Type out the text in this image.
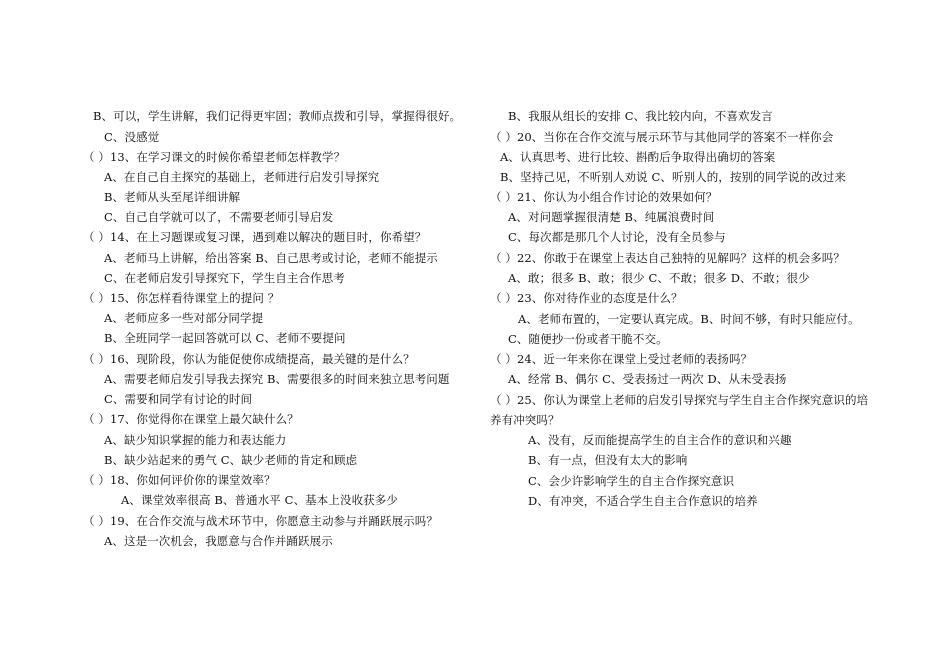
B、可以，学生讲解，我们记得更牢固；教师点拨和引导，掌握得很好。
C、没感觉
（ ）13、在学习课文的时候你希望老师怎样教学？
A、在自己自主探究的基础上，老师进行启发引导探究
B、老师从头至尾详细讲解
C、自己自学就可以了，不需要老师引导启发
（ ）14、在上习题课或复习课，遇到难以解决的题目时，你希望？
A、老师马上讲解，给出答案 B、自己思考或讨论，老师不能提示
C、在老师启发引导探究下，学生自主合作思考
（ ）15、你怎样看待课堂上的提问 ？
A、老师应多一些对部分同学提
B、全班同学一起回答就可以 C、老师不要提问
（ ）16、现阶段，你认为能促使你成绩提高，最关键的是什么？
A、需要老师启发引导我去探究 B、需要很多的时间来独立思考问题
C、需要和同学有讨论的时间
（ ）17、你觉得你在课堂上最欠缺什么？
A、缺少知识掌握的能力和表达能力
B、缺少站起来的勇气 C、缺少老师的肯定和顾虑
（ ）18、你如何评价你的课堂效率？
A、课堂效率很高 B、普通水平 C、基本上没收获多少
（ ）19、在合作交流与战术环节中，你愿意主动参与并踊跃展示吗？
A、这是一次机会，我愿意与合作并踊跃展示
B、我服从组长的安排 C、我比较内向，不喜欢发言
（ ）20、当你在合作交流与展示环节与其他同学的答案不一样你会
A、认真思考、进行比较、斟酌后争取得出确切的答案
B、坚持己见，不听别人劝说 C、听别人的，按别的同学说的改过来
（ ）21、你认为小组合作讨论的效果如何？
A、对问题掌握很清楚 B、纯属浪费时间
C、每次都是那几个人讨论，没有全员参与
（ ）22、你敢于在课堂上表达自己独特的见解吗？这样的机会多吗？
A、敢；很多 B、敢；很少 C、不敢；很多 D、不敢；很少
（ ）23、你对待作业的态度是什么？
A、老师布置的，一定要认真完成。B、时间不够，有时只能应付。
C、随便抄一份或者干脆不交。
（ ）24、近一年来你在课堂上受过老师的表扬吗？
A、经常 B、偶尔 C、受表扬过一两次 D、从未受表扬
（ ）25、你认为课堂上老师的启发引导探究与学生自主合作探究意识的培
养有冲突吗？
A、没有，反而能提高学生的自主合作的意识和兴趣
B、有一点，但没有太大的影响
C、会少许影响学生的自主合作探究意识
D、有冲突，不适合学生自主合作意识的培养
